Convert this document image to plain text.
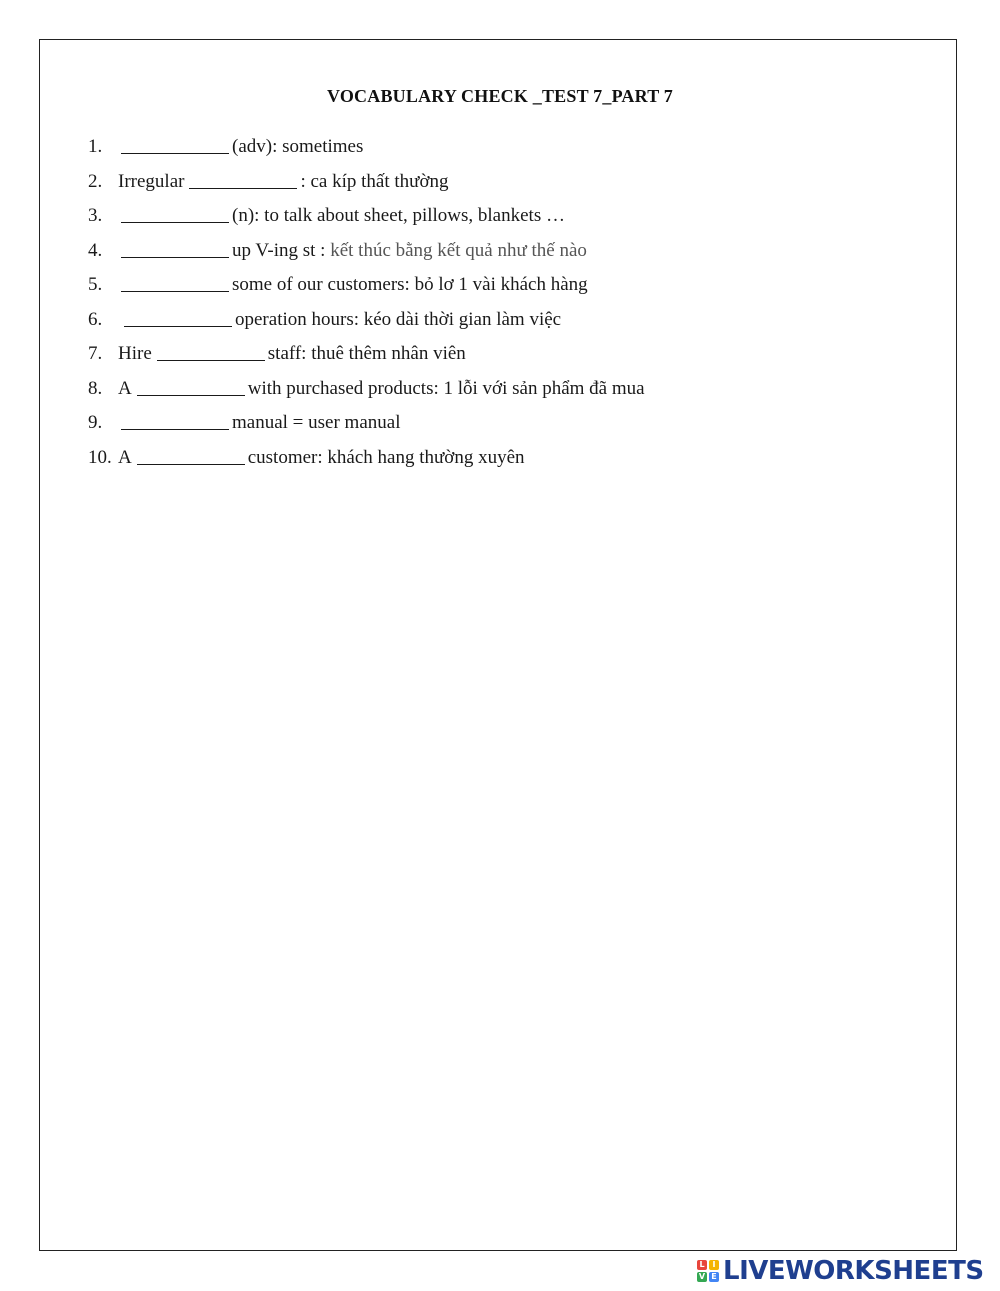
VOCABULARY CHECK _TEST 7_PART 7
1.	(adv): sometimes
2. Irregular	: ca kíp thất thường
3.	(n): to talk about sheet, pillows, blankets …
4.	up V-ing st : kết thúc bằng kết quả như thế nào
5.	some of our customers: bỏ lơ 1 vài khách hàng
6.	operation hours: kéo dài thời gian làm việc
7. Hire	staff: thuê thêm nhân viên
8. A	with purchased products: 1 lỗi với sản phẩm đã mua
9.	manual = user manual
10. A	customer: khách hang thường xuyên
L I
V E LIVEWORKSHEETS
